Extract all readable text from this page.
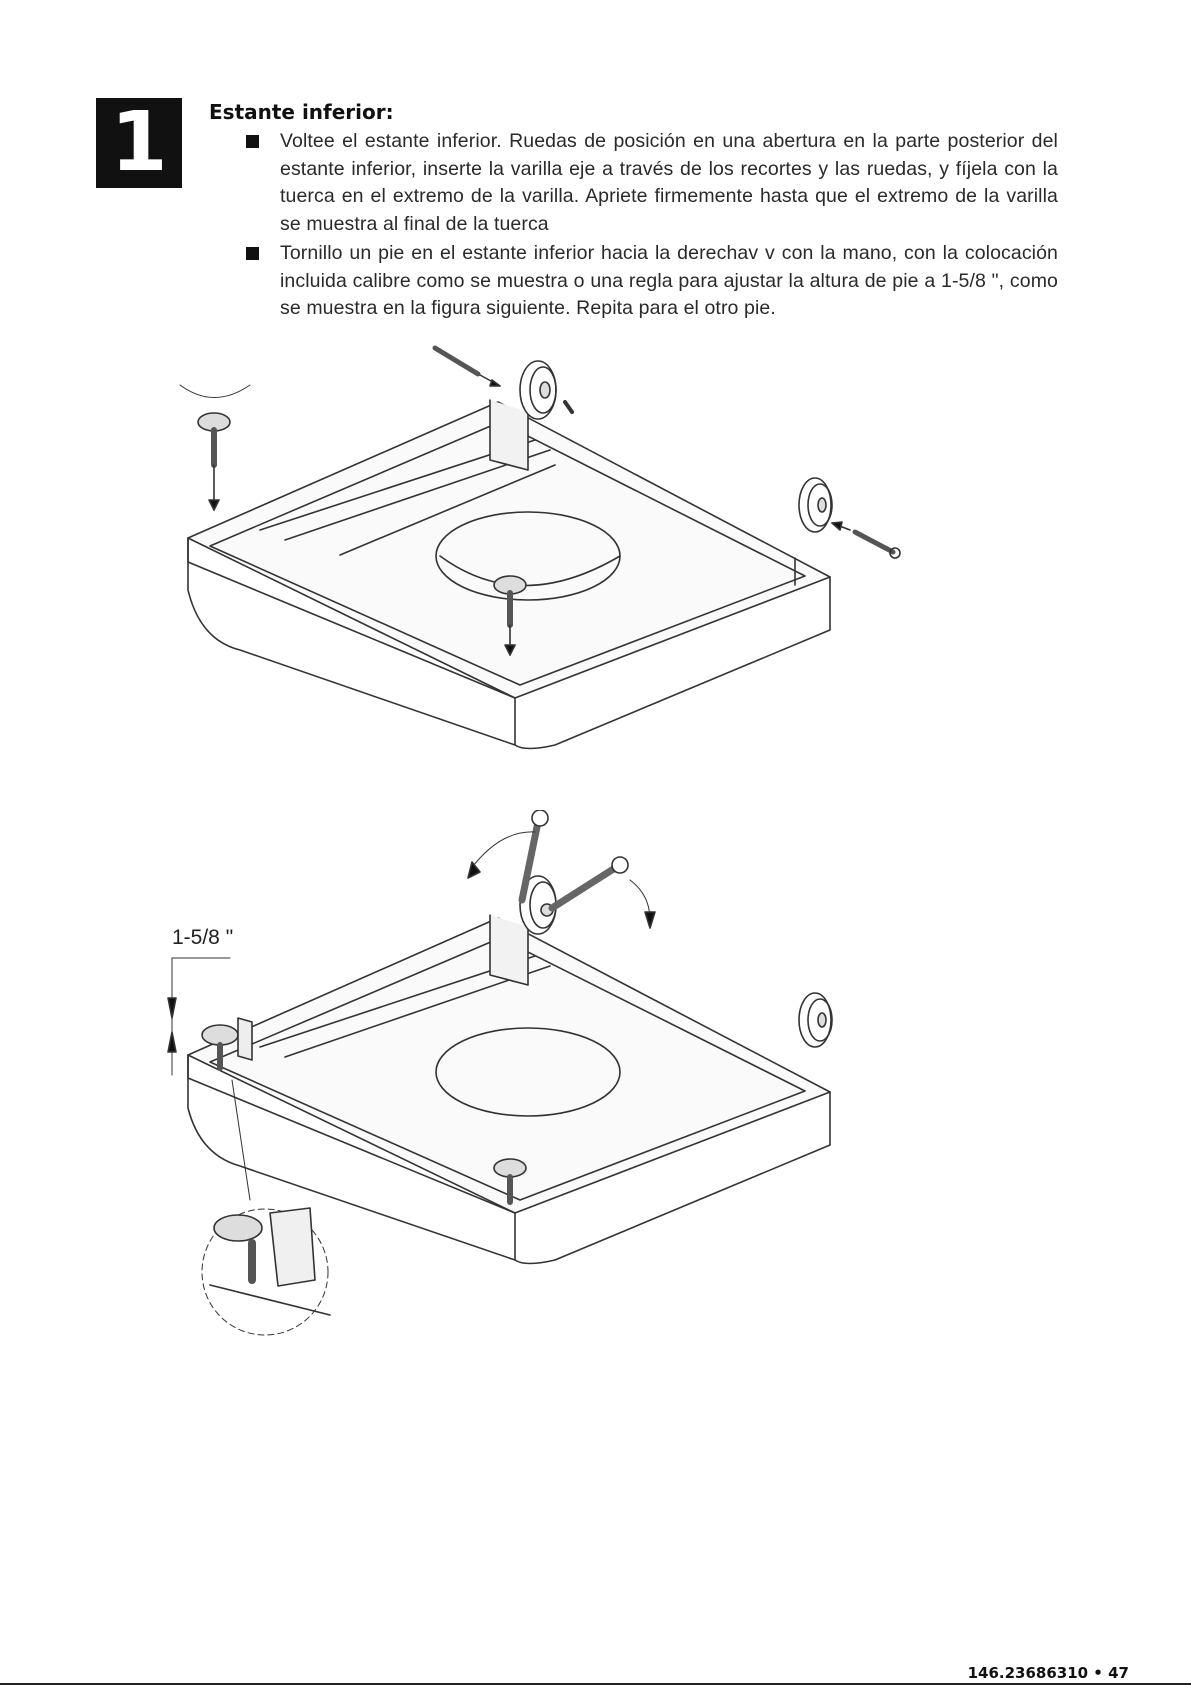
1	Estante inferior:
Voltee el estante inferior. Ruedas de posición en una abertura en la parte posterior del estante inferior, inserte la varilla eje a través de los recortes y las ruedas, y fíjela con la tuerca en el extremo de la varilla. Apriete firmemente hasta que el extremo de la varilla se muestra al final de la tuerca
Tornillo un pie en el estante inferior hacia la derechav v con la mano, con la colocación incluida calibre como se muestra o una regla para ajustar la altura de pie a 1-5/8 ", como se muestra en la figura siguiente. Repita para el otro pie.
1-5/8 "
146.23686310 • 47
